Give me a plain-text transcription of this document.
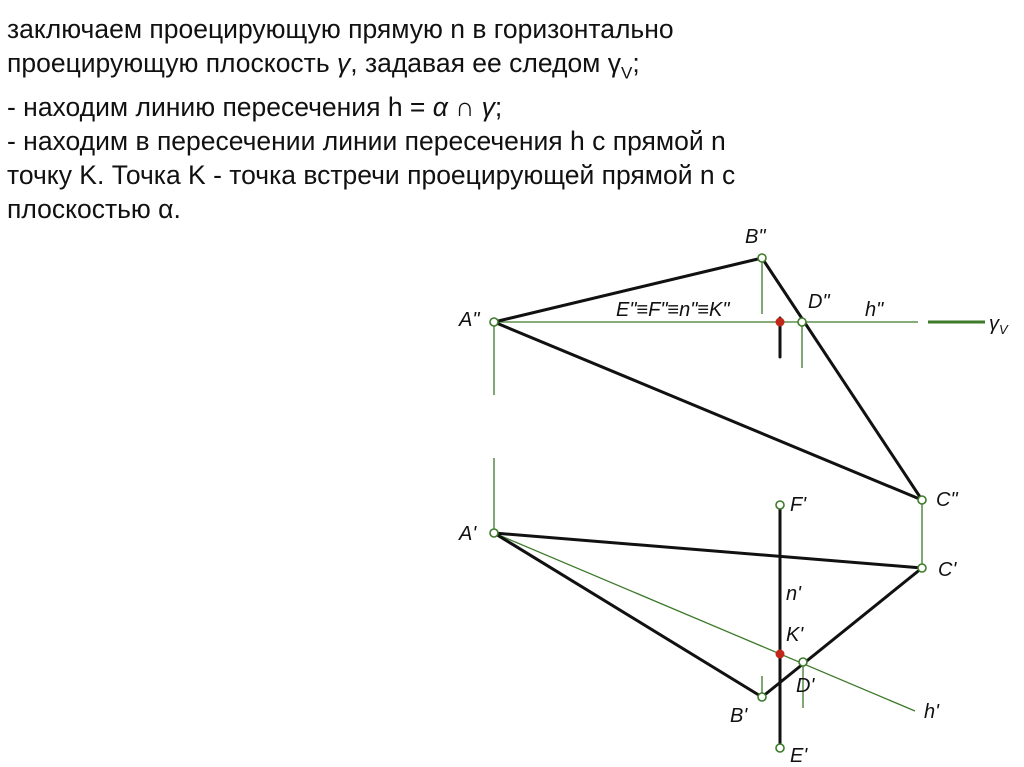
заключаем проецирующую прямую n в горизонтально

проецирующую плоскость γ, задавая ее следом $\gamma_V$;

- находим линию пересечения h = α ∩ γ;

- находим в пересечении линии пересечения h с прямой n

точку K. Точка K - точка встречи проецирующей прямой n с

плоскостью α.

B"
A"	E"≡F"≡n"≡K"	D" h"
$\gamma_V$
C"
F'
A'
C'
n'
K'
D'
B'	h'
E'
